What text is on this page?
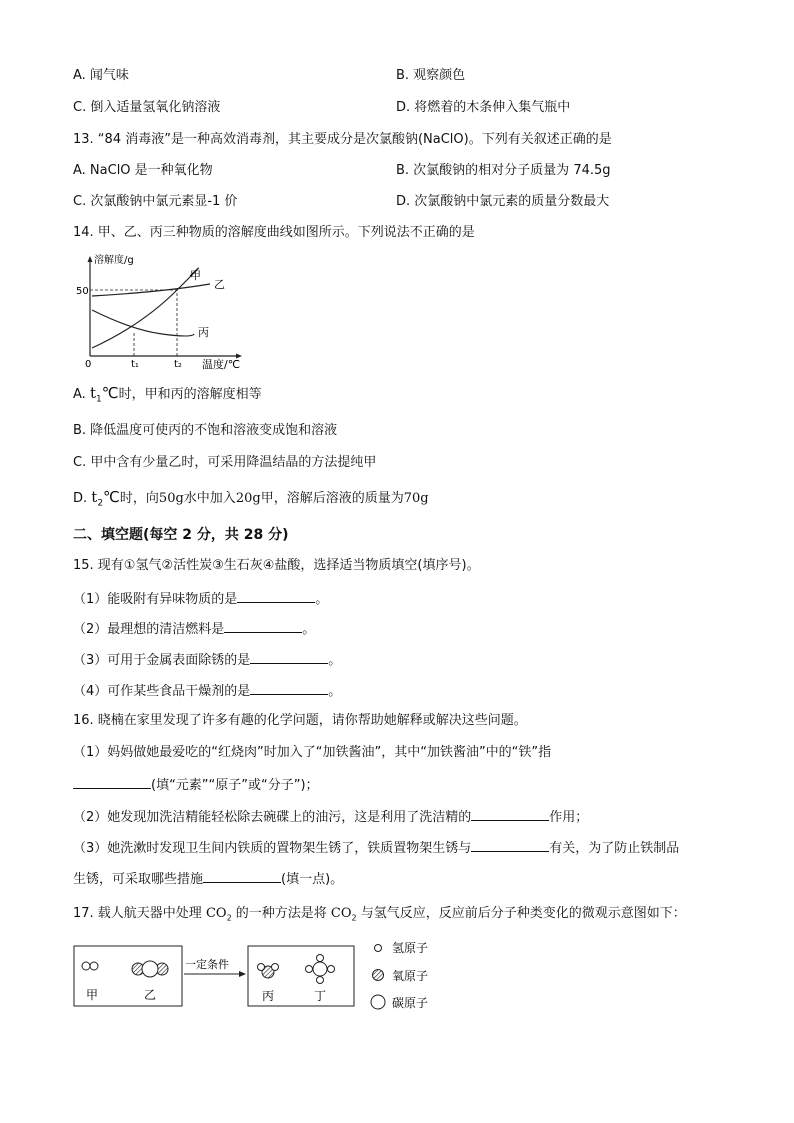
A. 闻气味	B. 观察颜色
C. 倒入适量氢氧化钠溶液	D. 将燃着的木条伸入集气瓶中
13. “84 消毒液”是一种高效消毒剂，其主要成分是次氯酸钠(NaClO)。下列有关叙述正确的是
A. NaClO 是一种氧化物	B. 次氯酸钠的相对分子质量为 74.5g
C. 次氯酸钠中氯元素显-1 价	D. 次氯酸钠中氯元素的质量分数最大
14. 甲、乙、丙三种物质的溶解度曲线如图所示。下列说法不正确的是
溶解度/g
50
0	t₁	t₂ 温度/℃
甲
乙
丙
A. $t_1℃$时，甲和丙的溶解度相等
B. 降低温度可使丙的不饱和溶液变成饱和溶液
C. 甲中含有少量乙时，可采用降温结晶的方法提纯甲
D. $t_2℃$时，向50g水中加入20g甲，溶解后溶液的质量为70g
二、填空题(每空 2 分，共 28 分)
15. 现有①氢气②活性炭③生石灰④盐酸，选择适当物质填空(填序号)。
（1）能吸附有异味物质的是	。
（2）最理想的清洁燃料是	。
（3）可用于金属表面除锈的是	。
（4）可作某些食品干燥剂的是	。
16. 晓楠在家里发现了许多有趣的化学问题，请你帮助她解释或解决这些问题。
（1）妈妈做她最爱吃的“红烧肉”时加入了“加铁酱油”，其中“加铁酱油”中的“铁”指
(填“元素”“原子”或“分子”)；
（2）她发现加洗洁精能轻松除去碗碟上的油污，这是利用了洗洁精的	作用；
（3）她洗漱时发现卫生间内铁质的置物架生锈了，铁质置物架生锈与	有关，为了防止铁制品
生锈，可采取哪些措施	(填一点)。
17. 载人航天器中处理 $CO_2$ 的一种方法是将 $CO_2$ 与氢气反应，反应前后分子种类变化的微观示意图如下：
甲	乙
一定条件
丙	丁
氢原子
氧原子
碳原子
